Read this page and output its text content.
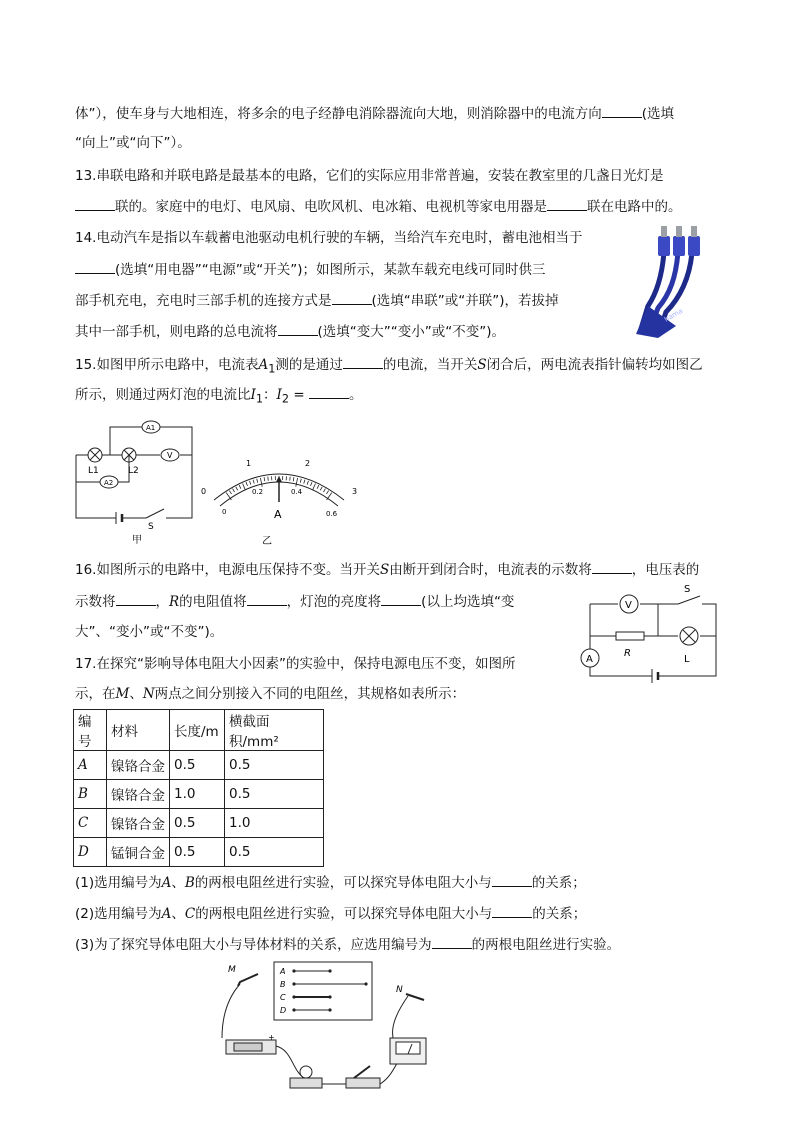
体”），使车身与大地相连，将多余的电子经静电消除器流向大地，则消除器中的电流方向	(选填
“向上”或“向下”）。
13.串联电路和并联电路是最基本的电路，它们的实际应用非常普遍，安装在教室里的几盏日光灯是
联的。家庭中的电灯、电风扇、电吹风机、电冰箱、电视机等家电用器是	联在电路中的。
14.电动汽车是指以车载蓄电池驱动电机行驶的车辆，当给汽车充电时，蓄电池相当于
(选填“用电器”“电源”或“开关”)；如图所示，某款车载充电线可同时供三
部手机充电，充电时三部手机的连接方式是	(选填“串联”或“并联”)，若拔掉
其中一部手机，则电路的总电流将	(选填“变大”“变小”或“不变”)。
hama
15.如图甲所示电路中，电流表$A_1$测的是通过	的电流，当开关S闭合后，两电流表指针偏转均如图乙
所示，则通过两灯泡的电流比$I_1$：$I_2$ =	。
A1
V
A2
L1	L2
S
甲
0
1	2
3
0
0.2	0.4
0.6
A
乙
16.如图所示的电路中，电源电压保持不变。当开关S由断开到闭合时，电流表的示数将	，电压表的
示数将	，R的电阻值将	，灯泡的亮度将	(以上均选填“变
大”、“变小”或“不变”)。
V
A
R
L
S
17.在探究“影响导体电阻大小因素”的实验中，保持电源电压不变，如图所
示，在M、N两点之间分别接入不同的电阻丝，其规格如表所示：
编号	材料	长度/m	横截面积/mm²
A	镍铬合金	0.5	0.5
B	镍铬合金	1.0	0.5
C	镍铬合金	0.5	1.0
D	锰铜合金	0.5	0.5
(1)选用编号为A、B的两根电阻丝进行实验，可以探究导体电阻大小与	的关系；
(2)选用编号为A、C的两根电阻丝进行实验，可以探究导体电阻大小与	的关系；
(3)为了探究导体电阻大小与导体材料的关系，应选用编号为	的两根电阻丝进行实验。
A
B
C
D
M
N
+
